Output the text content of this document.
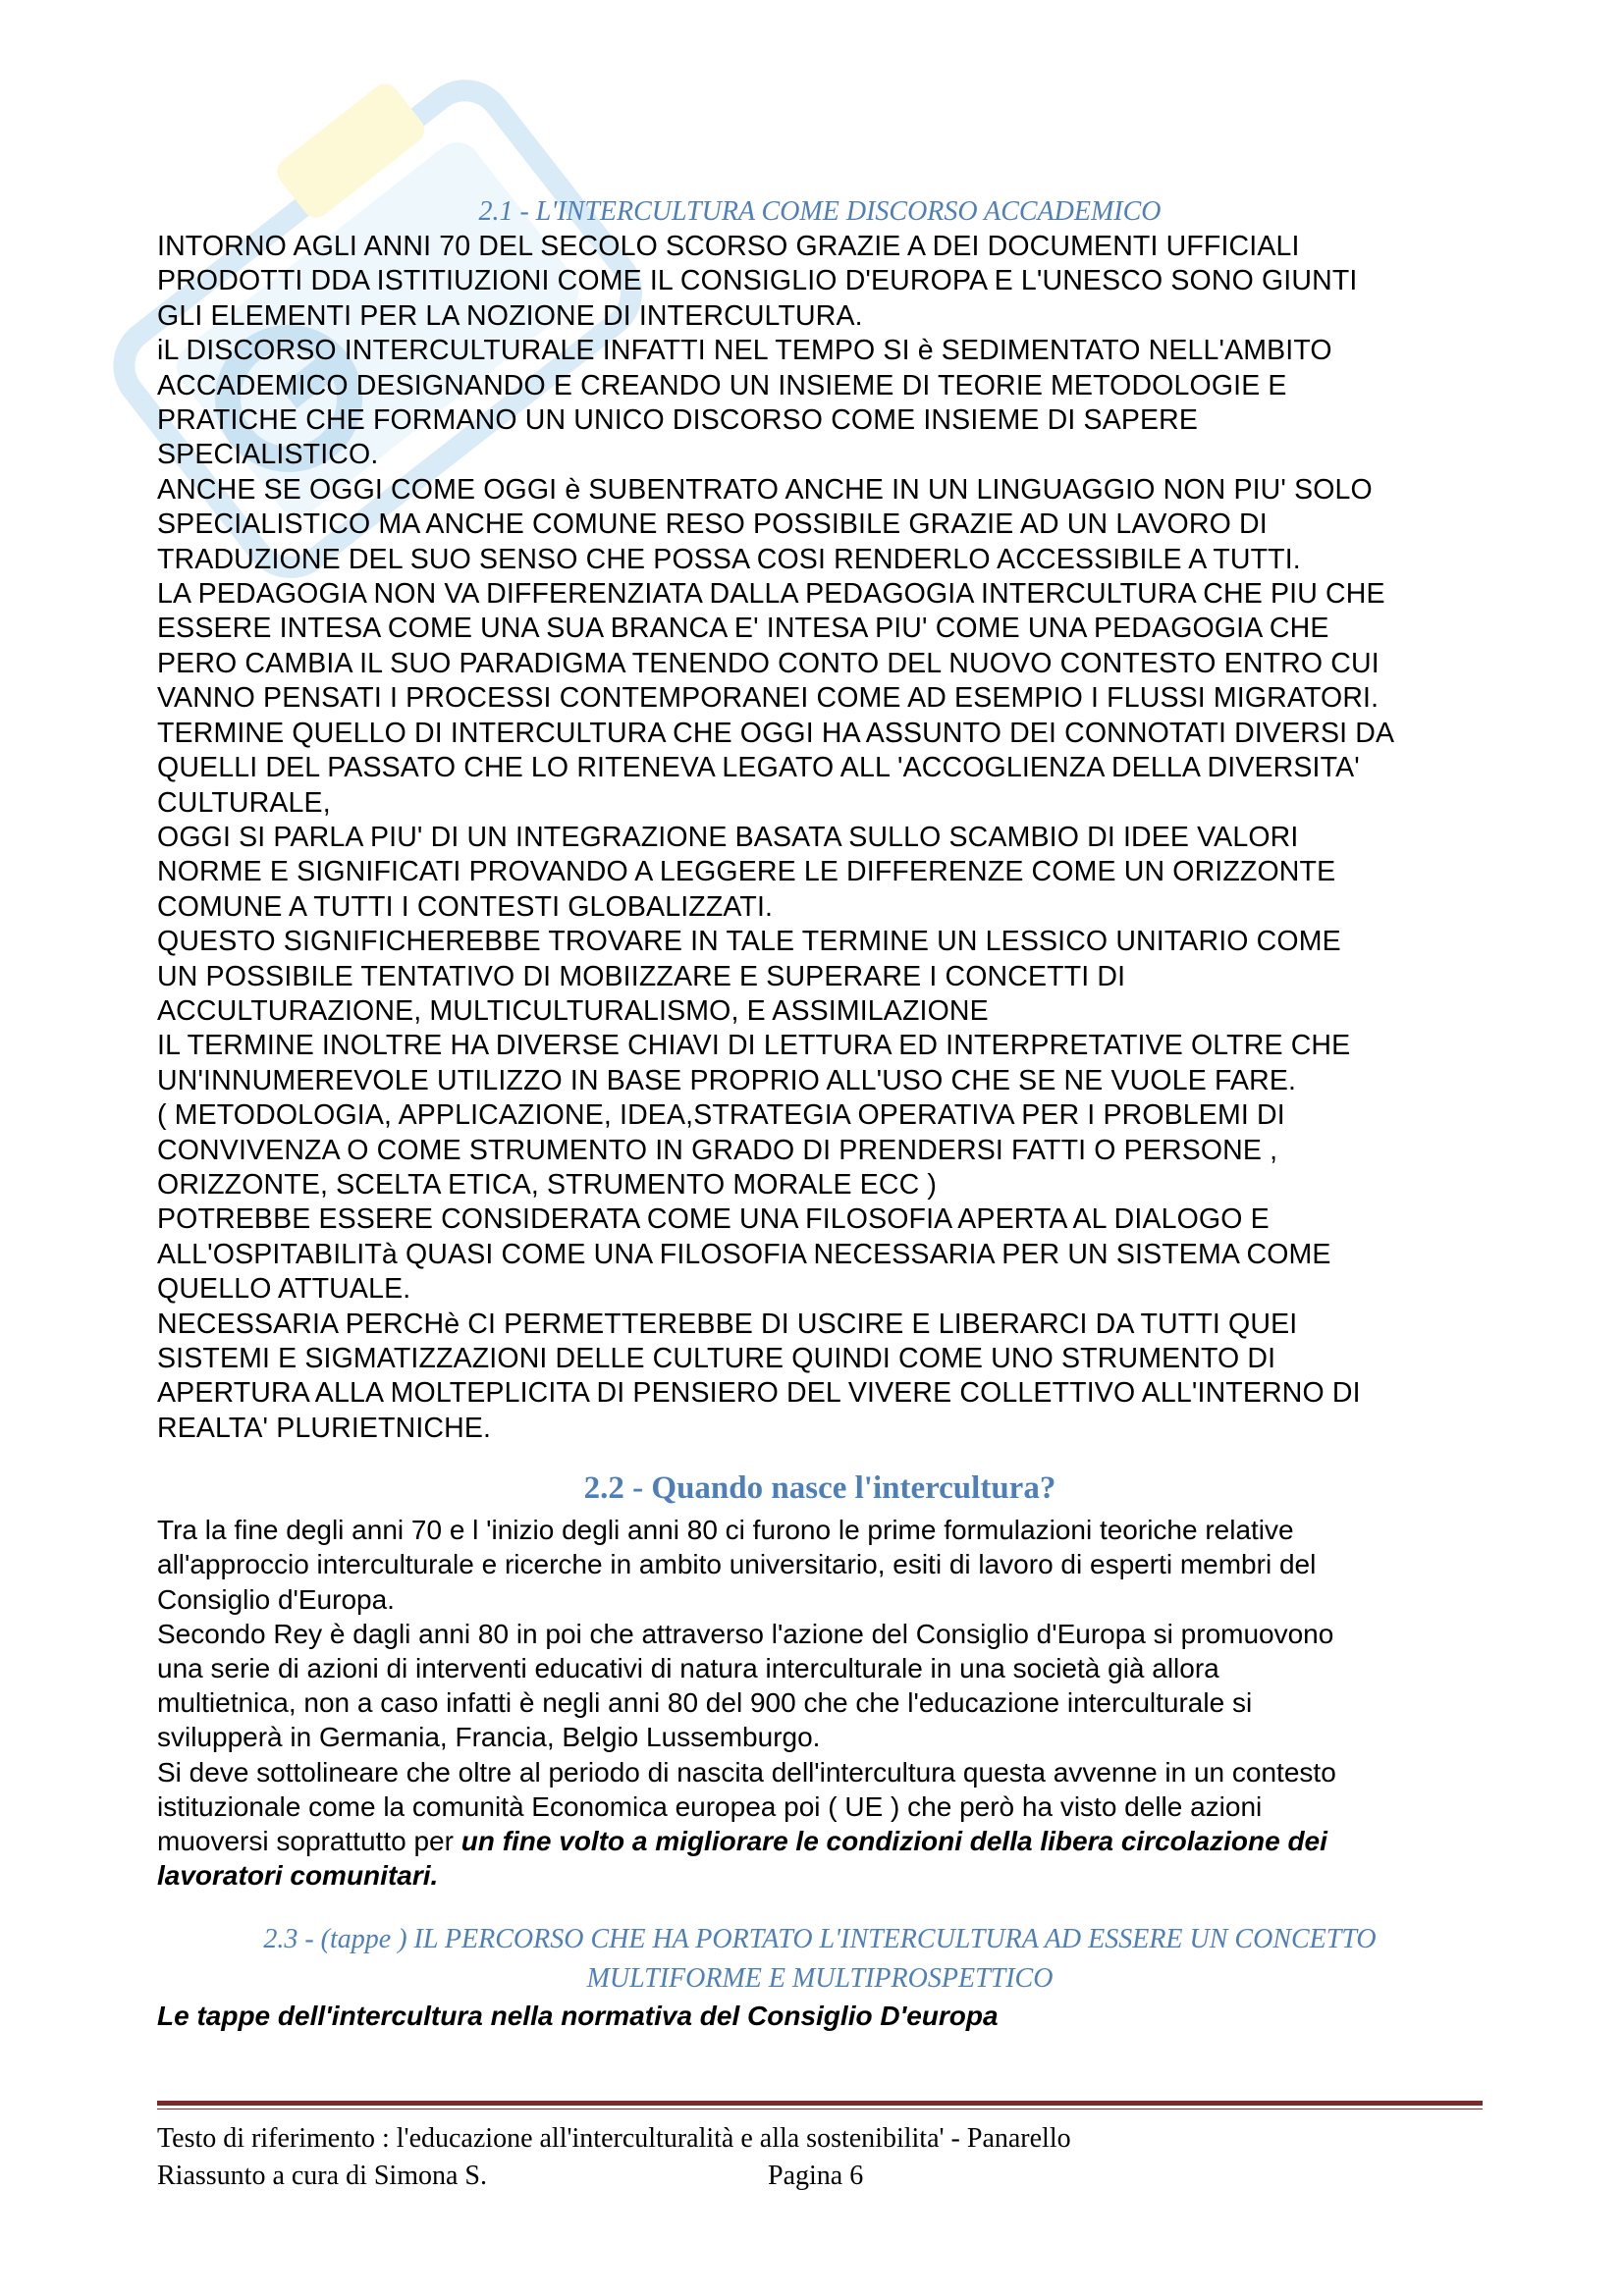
2.1 - L'INTERCULTURA COME DISCORSO ACCADEMICO

INTORNO AGLI ANNI 70 DEL SECOLO SCORSO GRAZIE A DEI DOCUMENTI UFFICIALI
PRODOTTI DDA ISTITIUZIONI COME IL CONSIGLIO D'EUROPA E L'UNESCO SONO GIUNTI
GLI ELEMENTI PER LA NOZIONE DI INTERCULTURA.
iL DISCORSO INTERCULTURALE INFATTI NEL TEMPO SI è SEDIMENTATO NELL'AMBITO
ACCADEMICO DESIGNANDO E CREANDO UN INSIEME DI TEORIE METODOLOGIE E
PRATICHE CHE FORMANO UN UNICO DISCORSO COME INSIEME DI SAPERE
SPECIALISTICO.
ANCHE SE OGGI COME OGGI è SUBENTRATO ANCHE IN UN LINGUAGGIO NON PIU' SOLO
SPECIALISTICO MA ANCHE COMUNE RESO POSSIBILE GRAZIE AD UN LAVORO DI
TRADUZIONE DEL SUO SENSO CHE POSSA COSI RENDERLO ACCESSIBILE A TUTTI.
LA PEDAGOGIA NON VA DIFFERENZIATA DALLA PEDAGOGIA INTERCULTURA CHE PIU CHE
ESSERE INTESA COME UNA SUA BRANCA E' INTESA PIU' COME UNA PEDAGOGIA CHE
PERO CAMBIA IL SUO PARADIGMA TENENDO CONTO DEL NUOVO CONTESTO ENTRO CUI
VANNO PENSATI I PROCESSI CONTEMPORANEI COME AD ESEMPIO I FLUSSI MIGRATORI.
TERMINE QUELLO DI INTERCULTURA CHE OGGI HA ASSUNTO DEI CONNOTATI DIVERSI DA
QUELLI DEL PASSATO CHE LO RITENEVA LEGATO ALL 'ACCOGLIENZA DELLA DIVERSITA'
CULTURALE,
OGGI SI PARLA PIU' DI UN INTEGRAZIONE BASATA SULLO SCAMBIO DI IDEE VALORI
NORME E SIGNIFICATI PROVANDO A LEGGERE LE DIFFERENZE COME UN ORIZZONTE
COMUNE A TUTTI I CONTESTI GLOBALIZZATI.
QUESTO SIGNIFICHEREBBE TROVARE IN TALE TERMINE UN LESSICO UNITARIO COME
UN POSSIBILE TENTATIVO DI MOBIIZZARE E SUPERARE I CONCETTI DI
ACCULTURAZIONE, MULTICULTURALISMO, E ASSIMILAZIONE
IL TERMINE INOLTRE HA DIVERSE CHIAVI DI LETTURA ED INTERPRETATIVE OLTRE CHE
UN'INNUMEREVOLE UTILIZZO IN BASE PROPRIO ALL'USO CHE SE NE VUOLE FARE.
( METODOLOGIA, APPLICAZIONE, IDEA,STRATEGIA OPERATIVA PER I PROBLEMI DI
CONVIVENZA O COME STRUMENTO IN GRADO DI PRENDERSI FATTI O PERSONE ,
ORIZZONTE, SCELTA ETICA, STRUMENTO MORALE ECC )
POTREBBE ESSERE CONSIDERATA COME UNA FILOSOFIA APERTA AL DIALOGO E
ALL'OSPITABILITà QUASI COME UNA FILOSOFIA NECESSARIA PER UN SISTEMA COME
QUELLO ATTUALE.
NECESSARIA PERCHè CI PERMETTEREBBE DI USCIRE E LIBERARCI DA TUTTI QUEI
SISTEMI E SIGMATIZZAZIONI DELLE CULTURE QUINDI COME UNO STRUMENTO DI
APERTURA ALLA MOLTEPLICITA DI PENSIERO DEL VIVERE COLLETTIVO ALL'INTERNO DI
REALTA' PLURIETNICHE.

2.2 - Quando nasce l'intercultura?

Tra la fine degli anni 70 e l 'inizio degli anni 80 ci furono le prime formulazioni teoriche relative
all'approccio interculturale e ricerche in ambito universitario, esiti di lavoro di esperti membri del
Consiglio d'Europa.
Secondo Rey è dagli anni 80 in poi che attraverso l'azione del Consiglio d'Europa si promuovono
una serie di azioni di interventi educativi di natura interculturale in una società già allora
multietnica, non a caso infatti è negli anni 80 del 900 che che l'educazione interculturale si
svilupperà in Germania, Francia, Belgio Lussemburgo.
Si deve sottolineare che oltre al periodo di nascita dell'intercultura questa avvenne in un contesto
istituzionale come la comunità Economica europea poi ( UE ) che però ha visto delle azioni
muoversi soprattutto per un fine volto a migliorare le condizioni della libera circolazione dei
lavoratori comunitari.

2.3 - (tappe ) IL PERCORSO CHE HA PORTATO L'INTERCULTURA AD ESSERE UN CONCETTO
MULTIFORME E MULTIPROSPETTICO

Le tappe dell'intercultura nella normativa del Consiglio D'europa

Testo di riferimento : l'educazione all'interculturalità e alla sostenibilita' - Panarello
Riassunto a cura di Simona S.	Pagina 6
